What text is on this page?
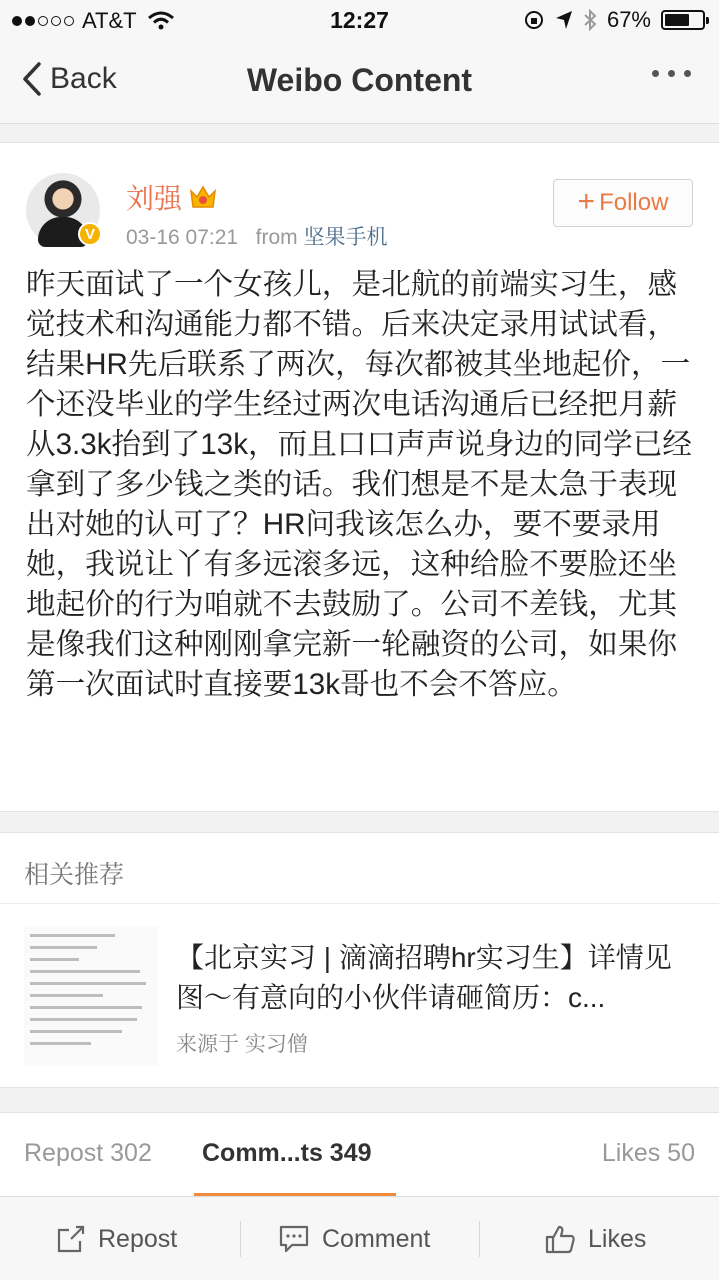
AT&T	12:27	67%
Back	Weibo Content
刘强
03-16 07:21 from 坚果手机
+ Follow
昨天面试了一个女孩儿，是北航的前端实习生，感觉技术和沟通能力都不错。后来决定录用试试看，结果HR先后联系了两次，每次都被其坐地起价，一个还没毕业的学生经过两次电话沟通后已经把月薪从3.3k抬到了13k，而且口口声声说身边的同学已经拿到了多少钱之类的话。我们想是不是太急于表现出对她的认可了？HR问我该怎么办，要不要录用她，我说让丫有多远滚多远，这种给脸不要脸还坐地起价的行为咱就不去鼓励了。公司不差钱，尤其是像我们这种刚刚拿完新一轮融资的公司，如果你第一次面试时直接要13k哥也不会不答应。
V
相关推荐
【北京实习 | 滴滴招聘hr实习生】详情见图～有意向的小伙伴请砸简历：c...
来源于 实习僧
Repost 302 Comm...ts 349	Likes 50
Repost	Comment	Likes
